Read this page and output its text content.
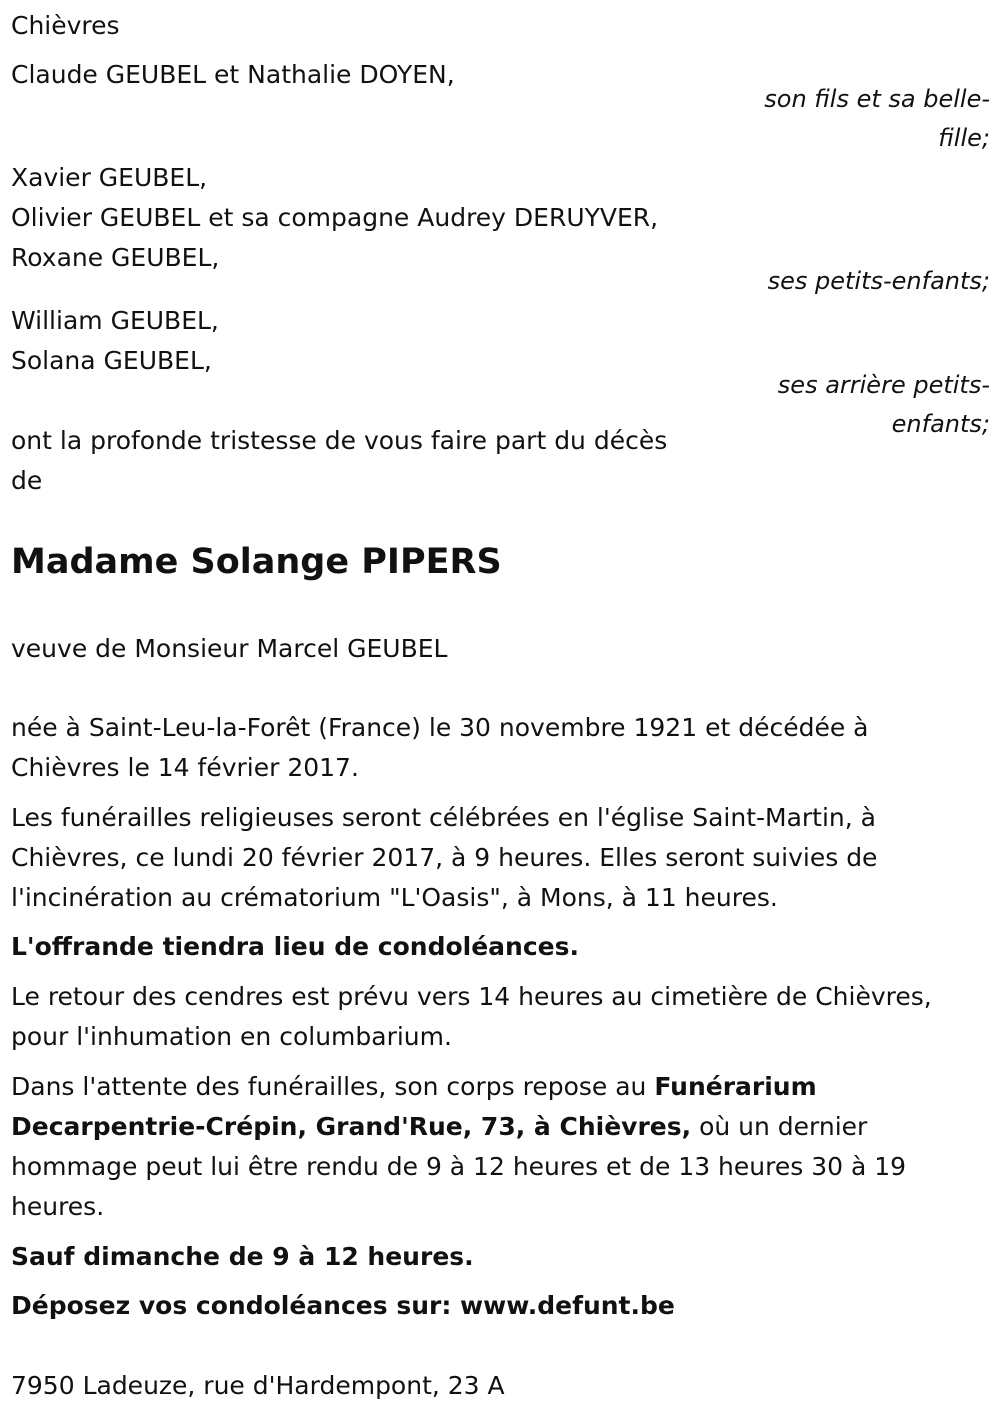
Chièvres
Claude GEUBEL et Nathalie DOYEN,
son fils et sa belle-
fille;
Xavier GEUBEL,
Olivier GEUBEL et sa compagne Audrey DERUYVER,
Roxane GEUBEL,
ses petits-enfants;
William GEUBEL,
Solana GEUBEL,
ses arrière petits-
enfants;
ont la profonde tristesse de vous faire part du décès
de
Madame Solange PIPERS
veuve de Monsieur Marcel GEUBEL
née à Saint-Leu-la-Forêt (France) le 30 novembre 1921 et décédée à
Chièvres le 14 février 2017.
Les funérailles religieuses seront célébrées en l'église Saint-Martin, à
Chièvres, ce lundi 20 février 2017, à 9 heures. Elles seront suivies de
l'incinération au crématorium "L'Oasis", à Mons, à 11 heures.
L'offrande tiendra lieu de condoléances.
Le retour des cendres est prévu vers 14 heures au cimetière de Chièvres,
pour l'inhumation en columbarium.
Dans l'attente des funérailles, son corps repose au Funérarium
Decarpentrie-Crépin, Grand'Rue, 73, à Chièvres, où un dernier
hommage peut lui être rendu de 9 à 12 heures et de 13 heures 30 à 19
heures.
Sauf dimanche de 9 à 12 heures.
Déposez vos condoléances sur: www.defunt.be
7950 Ladeuze, rue d'Hardempont, 23 A
